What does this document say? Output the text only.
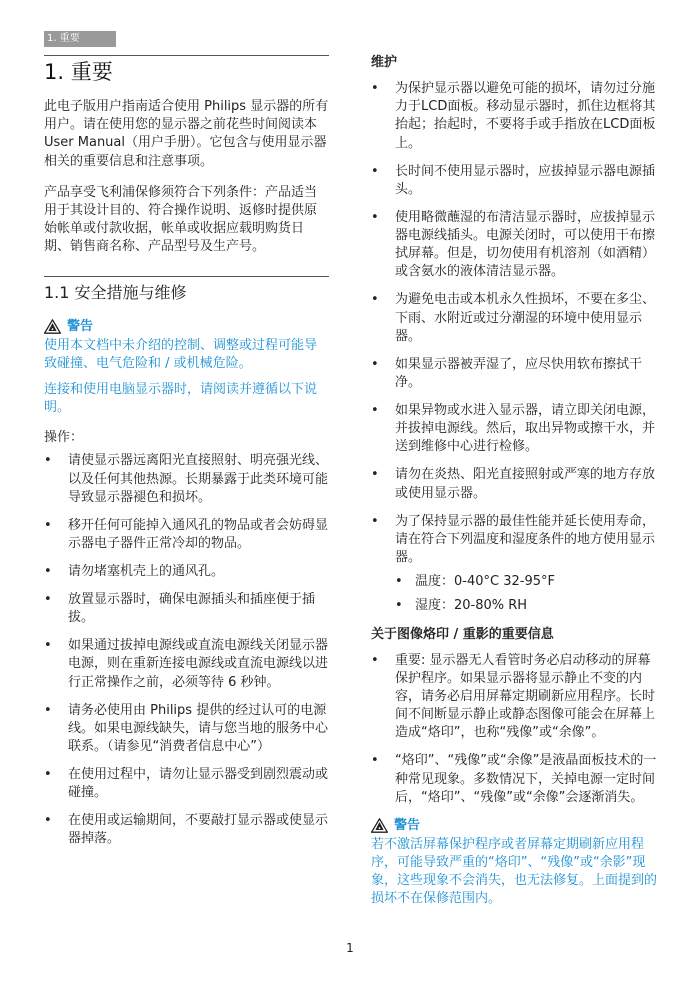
1. 重要
1. 重要

此电子版用户指南适合使用 Philips 显示器的所有用户。请在使用您的显示器之前花些时间阅读本 User Manual（用户手册）。它包含与使用显示器相关的重要信息和注意事项。

产品享受飞利浦保修须符合下列条件：产品适当用于其设计目的、符合操作说明、返修时提供原始帐单或付款收据，帐单或收据应载明购货日期、销售商名称、产品型号及生产号。

1.1 安全措施与维修
警告

使用本文档中未介绍的控制、调整或过程可能导致碰撞、电气危险和 / 或机械危险。

连接和使用电脑显示器时，请阅读并遵循以下说明。

操作：
• 请使显示器远离阳光直接照射、明亮强光线、以及任何其他热源。长期暴露于此类环境可能导致显示器褪色和损坏。
• 移开任何可能掉入通风孔的物品或者会妨碍显示器电子器件正常冷却的物品。
• 请勿堵塞机壳上的通风孔。
• 放置显示器时，确保电源插头和插座便于插拔。
• 如果通过拔掉电源线或直流电源线关闭显示器电源，则在重新连接电源线或直流电源线以进行正常操作之前，必须等待 6 秒钟。
• 请务必使用由 Philips 提供的经过认可的电源线。如果电源线缺失，请与您当地的服务中心联系。（请参见“消费者信息中心”）
• 在使用过程中，请勿让显示器受到剧烈震动或碰撞。
• 在使用或运输期间，不要敲打显示器或使显示器掉落。
维护
• 为保护显示器以避免可能的损坏，请勿过分施力于LCD面板。移动显示器时，抓住边框将其抬起；抬起时，不要将手或手指放在LCD面板上。
• 长时间不使用显示器时，应拔掉显示器电源插头。
• 使用略微蘸湿的布清洁显示器时，应拔掉显示器电源线插头。电源关闭时，可以使用干布擦拭屏幕。但是，切勿使用有机溶剂（如酒精）或含氨水的液体清洁显示器。
• 为避免电击或本机永久性损坏，不要在多尘、下雨、水附近或过分潮湿的环境中使用显示器。
• 如果显示器被弄湿了，应尽快用软布擦拭干净。
• 如果异物或水进入显示器，请立即关闭电源，并拔掉电源线。然后，取出异物或擦干水，并送到维修中心进行检修。
• 请勿在炎热、阳光直接照射或严寒的地方存放或使用显示器。
• 为了保持显示器的最佳性能并延长使用寿命，请在符合下列温度和湿度条件的地方使用显示器。
• 温度：0-40°C 32-95°F
• 湿度：20-80% RH
关于图像烙印 / 重影的重要信息
• 重要: 显示器无人看管时务必启动移动的屏幕保护程序。如果显示器将显示静止不变的内容，请务必启用屏幕定期刷新应用程序。长时间不间断显示静止或静态图像可能会在屏幕上造成“烙印”，也称“残像”或“余像”。
• “烙印”、“残像”或“余像”是液晶面板技术的一种常见现象。多数情况下，关掉电源一定时间后，“烙印”、“残像”或“余像”会逐渐消失。
警告

若不激活屏幕保护程序或者屏幕定期刷新应用程序，可能导致严重的“烙印”、“残像”或“余影”现象，这些现象不会消失，也无法修复。上面提到的损坏不在保修范围内。

1
